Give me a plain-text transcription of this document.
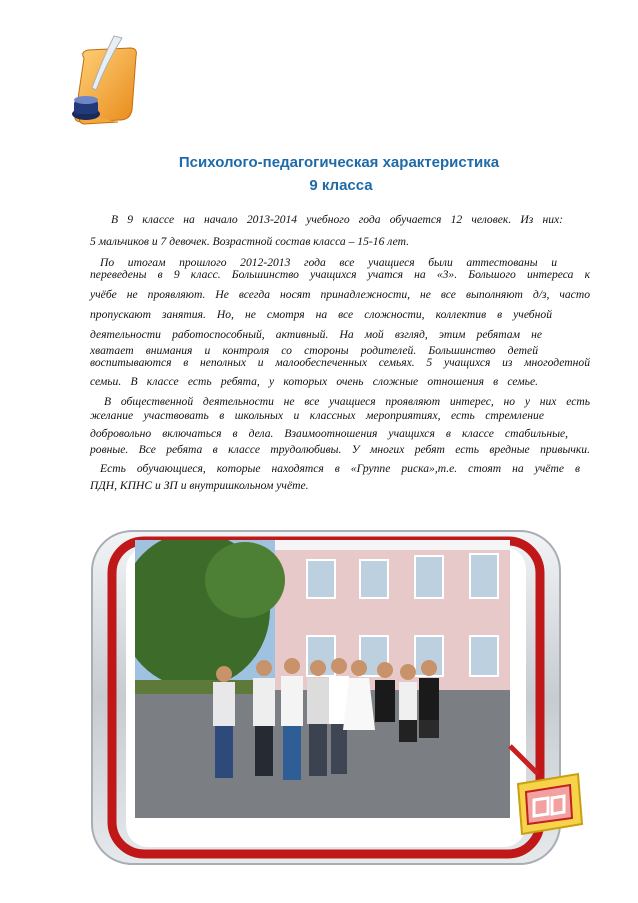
Психолого-педагогическая характеристика
9 класса
В 9 классе на начало 2013-2014 учебного года обучается 12 человек. Из них:
5 мальчиков и 7 девочек. Возрастной состав класса – 15-16 лет.
По итогам прошлого 2012-2013 года все учащиеся были аттестованы и
переведены в 9 класс. Большинство учащихся учатся на «3». Большого интереса к
учёбе не проявляют. Не всегда носят принадлежности, не все выполняют д/з, часто
пропускают занятия. Но, не смотря на все сложности, коллектив в учебной
деятельности работоспособный, активный. На мой взгляд, этим ребятам не
хватает внимания и контроля со стороны родителей. Большинство детей
воспитываются в неполных и малообеспеченных семьях. 5 учащихся из многодетной
семьи. В классе есть ребята, у которых очень сложные отношения в семье.
В общественной деятельности не все учащиеся проявляют интерес, но у них есть
желание участвовать в школьных и классных мероприятиях, есть стремление
добровольно включаться в дела. Взаимоотношения учащихся в классе стабильные,
ровные. Все ребята в классе трудолюбивы. У многих ребят есть вредные привычки.
Есть обучающиеся, которые находятся в «Группе риска»,т.е. стоят на учёте в
ПДН, КПНС и ЗП и внутришкольном учёте.
